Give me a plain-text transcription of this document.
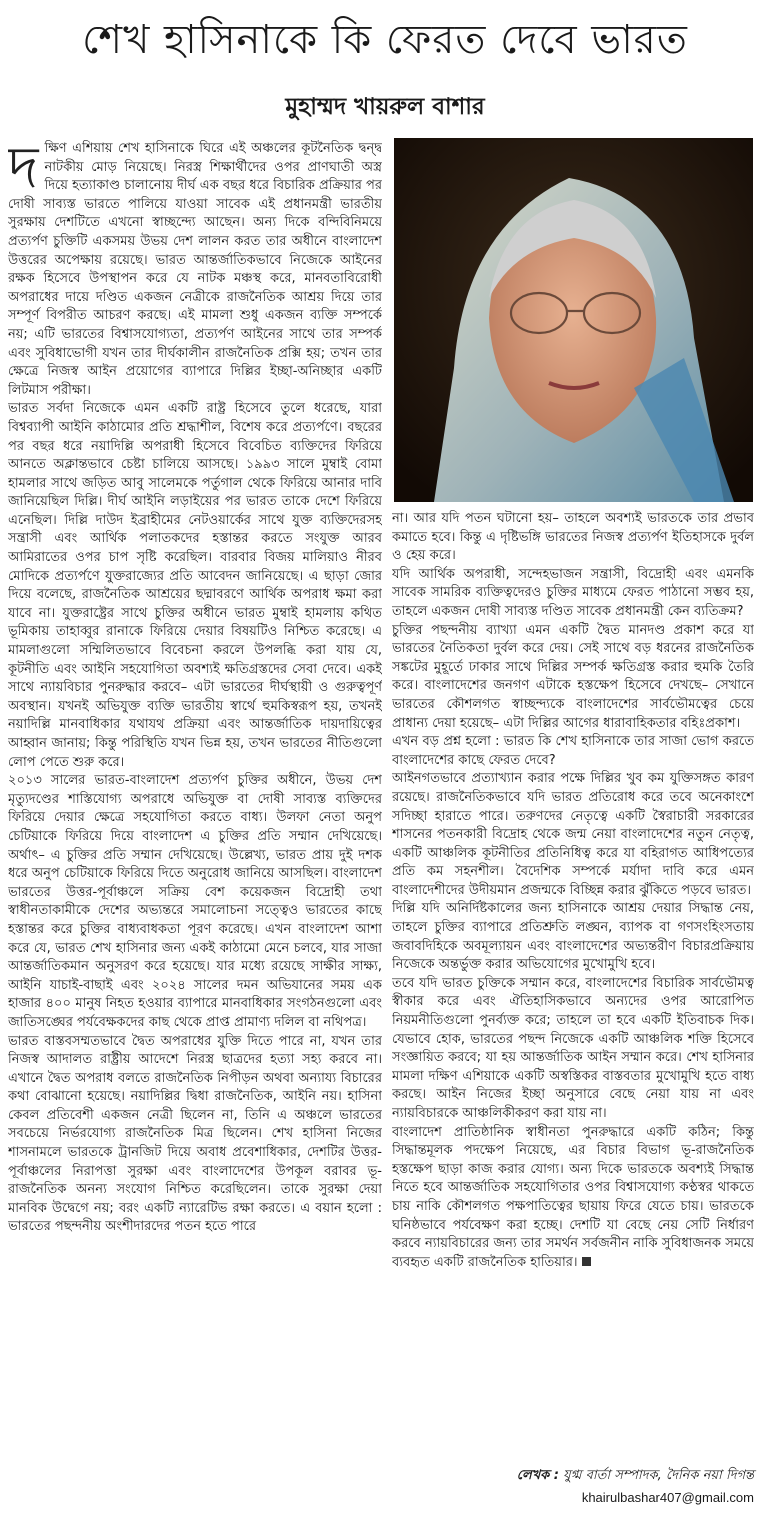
শেখ হাসিনাকে কি ফেরত দেবে ভারত
মুহাম্মদ খায়রুল বাশার

দক্ষিণ এশিয়ায় শেখ হাসিনাকে ঘিরে এই অঞ্চলের কূটনৈতিক দ্বন্দ্ব নাটকীয় মোড় নিয়েছে। নিরস্ত্র শিক্ষার্থীদের ওপর প্রাণঘাতী অস্ত্র দিয়ে হত্যাকাণ্ড চালানোয় দীর্ঘ এক বছর ধরে বিচারিক প্রক্রিয়ার পর দোষী সাব্যস্ত ভারতে পালিয়ে যাওয়া সাবেক এই প্রধানমন্ত্রী ভারতীয় সুরক্ষায় দেশটিতে এখনো স্বাচ্ছন্দ্যে আছেন। অন্য দিকে বন্দিবিনিময়ে প্রত্যর্পণ চুক্তিটি একসময় উভয় দেশ লালন করত তার অধীনে বাংলাদেশ উত্তরের অপেক্ষায় রয়েছে। ভারত আন্তর্জাতিকভাবে নিজেকে আইনের রক্ষক হিসেবে উপস্থাপন করে যে নাটক মঞ্চস্থ করে, মানবতাবিরোধী অপরাধের দায়ে দণ্ডিত একজন নেত্রীকে রাজনৈতিক আশ্রয় দিয়ে তার সম্পূর্ণ বিপরীত আচরণ করছে। এই মামলা শুধু একজন ব্যক্তি সম্পর্কে নয়; এটি ভারতের বিশ্বাসযোগ্যতা, প্রত্যর্পণ আইনের সাথে তার সম্পর্ক এবং সুবিধাভোগী যখন তার দীর্ঘকালীন রাজনৈতিক প্রক্সি হয়; তখন তার ক্ষেত্রে নিজস্ব আইন প্রয়োগের ব্যাপারে দিল্লির ইচ্ছা-অনিচ্ছার একটি লিটমাস পরীক্ষা।

ভারত সর্বদা নিজেকে এমন একটি রাষ্ট্র হিসেবে তুলে ধরেছে, যারা বিশ্বব্যাপী আইনি কাঠামোর প্রতি শ্রদ্ধাশীল, বিশেষ করে প্রত্যর্পণে। বছরের পর বছর ধরে নয়াদিল্লি অপরাধী হিসেবে বিবেচিত ব্যক্তিদের ফিরিয়ে আনতে অক্লান্তভাবে চেষ্টা চালিয়ে আসছে। ১৯৯৩ সালে মুম্বাই বোমা হামলার সাথে জড়িত আবু সালেমকে পর্তুগাল থেকে ফিরিয়ে আনার দাবি জানিয়েছিল দিল্লি। দীর্ঘ আইনি লড়াইয়ের পর ভারত তাকে দেশে ফিরিয়ে এনেছিল। দিল্লি দাউদ ইব্রাহীমের নেটওয়ার্কের সাথে যুক্ত ব্যক্তিদেরসহ সন্ত্রাসী এবং আর্থিক পলাতকদের হস্তান্তর করতে সংযুক্ত আরব আমিরাতের ওপর চাপ সৃষ্টি করেছিল। বারবার বিজয় মালিয়াও নীরব মোদিকে প্রত্যর্পণে যুক্তরাজ্যের প্রতি আবেদন জানিয়েছে। এ ছাড়া জোর দিয়ে বলেছে, রাজনৈতিক আশ্রয়ের ছদ্মাবরণে আর্থিক অপরাধ ক্ষমা করা যাবে না। যুক্তরাষ্ট্রের সাথে চুক্তির অধীনে ভারত মুম্বাই হামলায় কথিত ভূমিকায় তাহাব্বুর রানাকে ফিরিয়ে দেয়ার বিষয়টিও নিশ্চিত করেছে। এ মামলাগুলো সম্মিলিতভাবে বিবেচনা করলে উপলব্ধি করা যায় যে, কূটনীতি এবং আইনি সহযোগিতা অবশ্যই ক্ষতিগ্রস্তদের সেবা দেবে। একই সাথে ন্যায়বিচার পুনরুদ্ধার করবে– এটা ভারতের দীর্ঘস্থায়ী ও গুরুত্বপূর্ণ অবস্থান। যখনই অভিযুক্ত ব্যক্তি ভারতীয় স্বার্থে হুমকিস্বরূপ হয়, তখনই নয়াদিল্লি মানবাধিকার যথাযথ প্রক্রিয়া এবং আন্তর্জাতিক দায়দায়িত্বের আহ্বান জানায়; কিন্তু পরিস্থিতি যখন ভিন্ন হয়, তখন ভারতের নীতিগুলো লোপ পেতে শুরু করে।

২০১৩ সালের ভারত-বাংলাদেশ প্রত্যর্পণ চুক্তির অধীনে, উভয় দেশ মৃত্যুদণ্ডের শাস্তিযোগ্য অপরাধে অভিযুক্ত বা দোষী সাব্যস্ত ব্যক্তিদের ফিরিয়ে দেয়ার ক্ষেত্রে সহযোগিতা করতে বাধ্য। উলফা নেতা অনুপ চেটিয়াকে ফিরিয়ে দিয়ে বাংলাদেশ এ চুক্তির প্রতি সম্মান দেখিয়েছে। অর্থাৎ– এ চুক্তির প্রতি সম্মান দেখিয়েছে। উল্লেখ্য, ভারত প্রায় দুই দশক ধরে অনুপ চেটিয়াকে ফিরিয়ে দিতে অনুরোধ জানিয়ে আসছিল। বাংলাদেশ ভারতের উত্তর-পূর্বাঞ্চলে সক্রিয় বেশ কয়েকজন বিদ্রোহী তথা স্বাধীনতাকামীকে দেশের অভ্যন্তরে সমালোচনা সত্ত্বেও ভারতের কাছে হস্তান্তর করে চুক্তির বাধ্যবাধকতা পূরণ করেছে। এখন বাংলাদেশ আশা করে যে, ভারত শেখ হাসিনার জন্য একই কাঠামো মেনে চলবে, যার সাজা আন্তর্জাতিকমান অনুসরণ করে হয়েছে। যার মধ্যে রয়েছে সাক্ষীর সাক্ষ্য, আইনি যাচাই-বাছাই এবং ২০২৪ সালের দমন অভিযানের সময় এক হাজার ৪০০ মানুষ নিহত হওয়ার ব্যাপারে মানবাধিকার সংগঠনগুলো এবং জাতিসঙ্ঘের পর্যবেক্ষকদের কাছ থেকে প্রাপ্ত প্রামাণ্য দলিল বা নথিপত্র।

ভারত বাস্তবসম্মতভাবে দ্বৈত অপরাধের যুক্তি দিতে পারে না, যখন তার নিজস্ব আদালত রাষ্ট্রীয় আদেশে নিরস্ত্র ছাত্রদের হত্যা সহ্য করবে না। এখানে দ্বৈত অপরাধ বলতে রাজনৈতিক নিপীড়ন অথবা অন্যায্য বিচারের কথা বোঝানো হয়েছে। নয়াদিল্লির দ্বিধা রাজনৈতিক, আইনি নয়। হাসিনা কেবল প্রতিবেশী একজন নেত্রী ছিলেন না, তিনি এ অঞ্চলে ভারতের সবচেয়ে নির্ভরযোগ্য রাজনৈতিক মিত্র ছিলেন। শেখ হাসিনা নিজের শাসনামলে ভারতকে ট্রানজিট দিয়ে অবাধ প্রবেশাধিকার, দেশটির উত্তর-পূর্বাঞ্চলের নিরাপত্তা সুরক্ষা এবং বাংলাদেশের উপকূল বরাবর ভূ-রাজনৈতিক অনন্য সংযোগ নিশ্চিত করেছিলেন। তাকে সুরক্ষা দেয়া মানবিক উদ্বেগে নয়; বরং একটি ন্যারেটিভ রক্ষা করতে। এ বয়ান হলো : ভারতের পছন্দনীয় অংশীদারদের পতন হতে পারে

না। আর যদি পতন ঘটানো হয়– তাহলে অবশ্যই ভারতকে তার প্রভাব কমাতে হবে। কিন্তু এ দৃষ্টিভঙ্গি ভারতের নিজস্ব প্রত্যর্পণ ইতিহাসকে দুর্বল ও হেয় করে।

যদি আর্থিক অপরাধী, সন্দেহভাজন সন্ত্রাসী, বিদ্রোহী এবং এমনকি সাবেক সামরিক ব্যক্তিত্বদেরও চুক্তির মাধ্যমে ফেরত পাঠানো সম্ভব হয়, তাহলে একজন দোষী সাব্যস্ত দণ্ডিত সাবেক প্রধানমন্ত্রী কেন ব্যতিক্রম?

চুক্তির পছন্দনীয় ব্যাখ্যা এমন একটি দ্বৈত মানদণ্ড প্রকাশ করে যা ভারতের নৈতিকতা দুর্বল করে দেয়। সেই সাথে বড় ধরনের রাজনৈতিক সঙ্কটের মুহূর্তে ঢাকার সাথে দিল্লির সম্পর্ক ক্ষতিগ্রস্ত করার হুমকি তৈরি করে। বাংলাদেশের জনগণ এটাকে হস্তক্ষেপ হিসেবে দেখছে– সেখানে ভারতের কৌশলগত স্বাচ্ছন্দ্যকে বাংলাদেশের সার্বভৌমত্বের চেয়ে প্রাধান্য দেয়া হয়েছে– এটা দিল্লির আগের ধারাবাহিকতার বহিঃপ্রকাশ।

এখন বড় প্রশ্ন হলো : ভারত কি শেখ হাসিনাকে তার সাজা ভোগ করতে বাংলাদেশের কাছে ফেরত দেবে?

আইনগতভাবে প্রত্যাখ্যান করার পক্ষে দিল্লির খুব কম যুক্তিসঙ্গত কারণ রয়েছে। রাজনৈতিকভাবে যদি ভারত প্রতিরোধ করে তবে অনেকাংশে সদিচ্ছা হারাতে পারে। তরুণদের নেতৃত্বে একটি স্বৈরাচারী সরকারের শাসনের পতনকারী বিদ্রোহ থেকে জন্ম নেয়া বাংলাদেশের নতুন নেতৃত্ব, একটি আঞ্চলিক কূটনীতির প্রতিনিধিত্ব করে যা বহিরাগত আধিপত্যের প্রতি কম সহনশীল। বৈদেশিক সম্পর্কে মর্যাদা দাবি করে এমন বাংলাদেশীদের উদীয়মান প্রজন্মকে বিচ্ছিন্ন করার ঝুঁকিতে পড়বে ভারত।

দিল্লি যদি অনির্দিষ্টকালের জন্য হাসিনাকে আশ্রয় দেয়ার সিদ্ধান্ত নেয়, তাহলে চুক্তির ব্যাপারে প্রতিশ্রুতি লঙ্ঘন, ব্যাপক বা গণসংহিংসতায় জবাবদিহিকে অবমূল্যায়ন এবং বাংলাদেশের অভ্যন্তরীণ বিচারপ্রক্রিয়ায় নিজেকে অন্তর্ভুক্ত করার অভিযোগের মুখোমুখি হবে।

তবে যদি ভারত চুক্তিকে সম্মান করে, বাংলাদেশের বিচারিক সার্বভৌমত্ব স্বীকার করে এবং ঐতিহাসিকভাবে অন্যদের ওপর আরোপিত নিয়মনীতিগুলো পুনর্ব্যক্ত করে; তাহলে তা হবে একটি ইতিবাচক দিক। যেভাবে হোক, ভারতের পছন্দ নিজেকে একটি আঞ্চলিক শক্তি হিসেবে সংজ্ঞায়িত করবে; যা হয় আন্তর্জাতিক আইন সম্মান করে। শেখ হাসিনার মামলা দক্ষিণ এশিয়াকে একটি অস্বস্তিকর বাস্তবতার মুখোমুখি হতে বাধ্য করছে। আইন নিজের ইচ্ছা অনুসারে বেছে নেয়া যায় না এবং ন্যায়বিচারকে আঞ্চলিকীকরণ করা যায় না।

বাংলাদেশ প্রাতিষ্ঠানিক স্বাধীনতা পুনরুদ্ধারে একটি কঠিন; কিন্তু সিদ্ধান্তমূলক পদক্ষেপ নিয়েছে, এর বিচার বিভাগ ভূ-রাজনৈতিক হস্তক্ষেপ ছাড়া কাজ করার যোগ্য। অন্য দিকে ভারতকে অবশ্যই সিদ্ধান্ত নিতে হবে আন্তর্জাতিক সহযোগিতার ওপর বিশ্বাসযোগ্য কণ্ঠস্বর থাকতে চায় নাকি কৌশলগত পক্ষপাতিত্বের ছায়ায় ফিরে যেতে চায়। ভারতকে ঘনিষ্ঠভাবে পর্যবেক্ষণ করা হচ্ছে। দেশটি যা বেছে নেয় সেটি নির্ধারণ করবে ন্যায়বিচারের জন্য তার সমর্থন সর্বজনীন নাকি সুবিধাজনক সময়ে ব্যবহৃত একটি রাজনৈতিক হাতিয়ার।

লেখক : যুগ্ম বার্তা সম্পাদক, দৈনিক নয়া দিগন্ত
khairulbashar407@gmail.com
